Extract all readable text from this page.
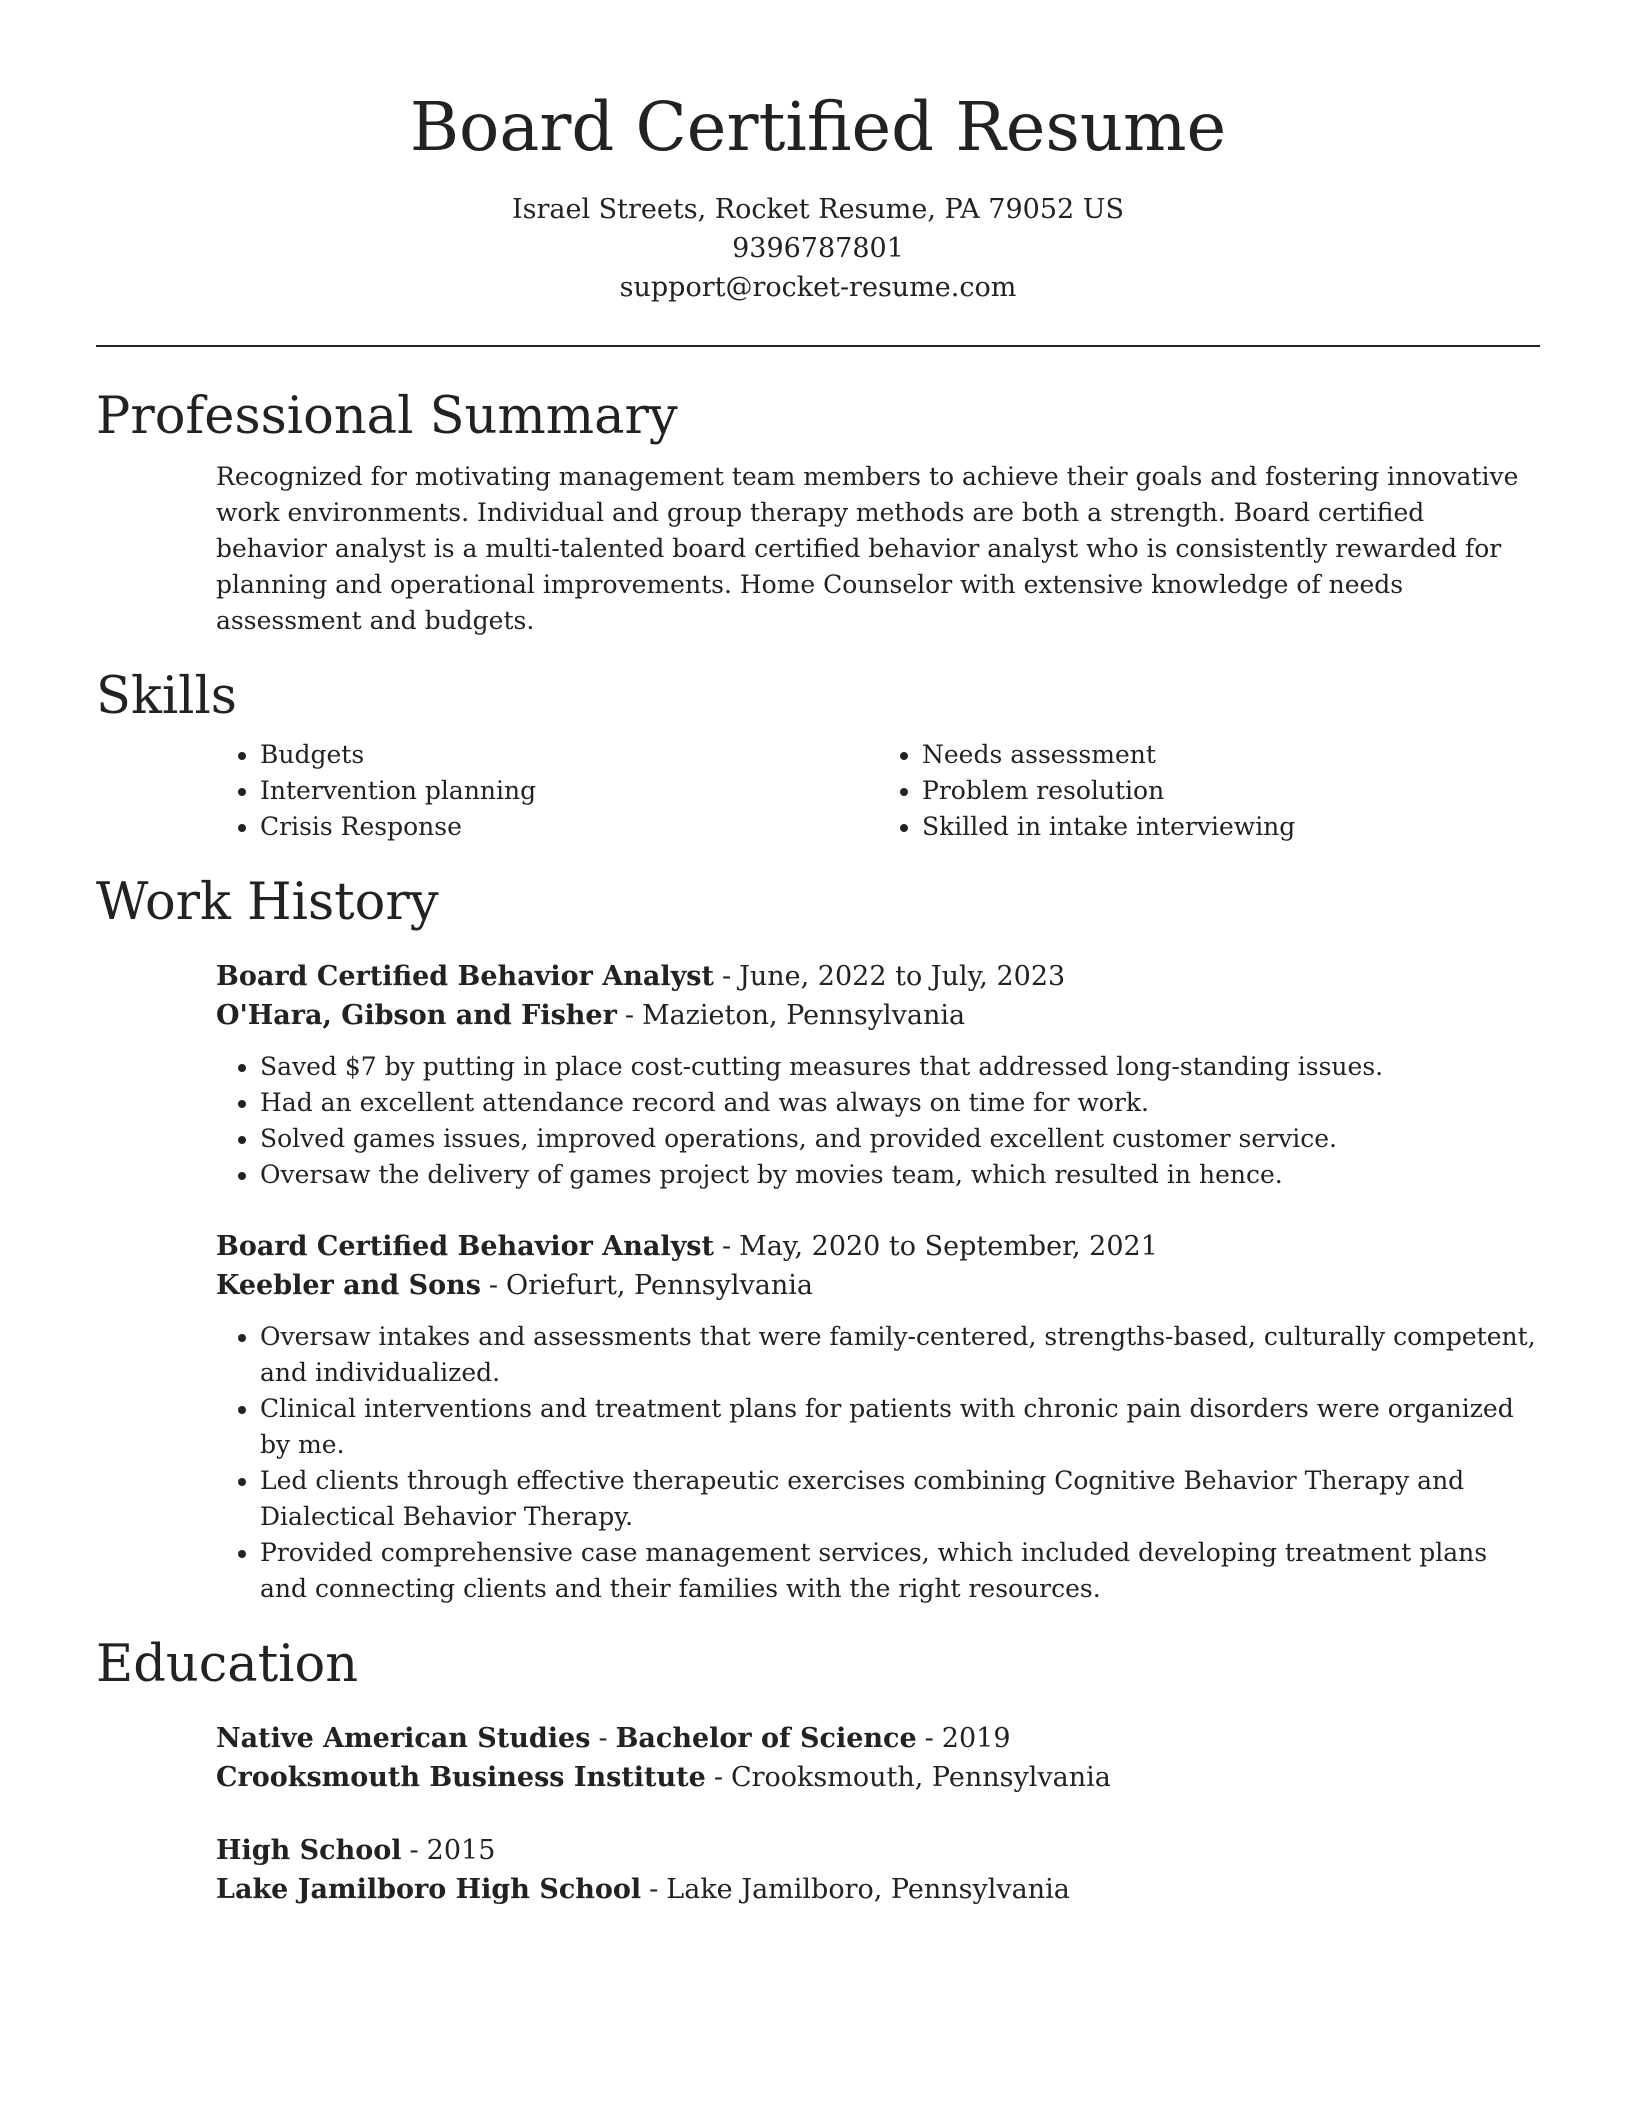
Board Certified Resume

Israel Streets, Rocket Resume, PA 79052 US

9396787801

support@rocket-resume.com

Professional Summary

Recognized for motivating management team members to achieve their goals and fostering innovative work environments. Individual and group therapy methods are both a strength. Board certified behavior analyst is a multi-talented board certified behavior analyst who is consistently rewarded for planning and operational improvements. Home Counselor with extensive knowledge of needs assessment and budgets.

Skills
• Budgets
• Intervention planning
• Crisis Response
• Needs assessment
• Problem resolution
• Skilled in intake interviewing
Work History

Board Certified Behavior Analyst - June, 2022 to July, 2023

O'Hara, Gibson and Fisher - Mazieton, Pennsylvania

• Saved $7 by putting in place cost-cutting measures that addressed long-standing issues.
• Had an excellent attendance record and was always on time for work.
• Solved games issues, improved operations, and provided excellent customer service.
• Oversaw the delivery of games project by movies team, which resulted in hence.

Board Certified Behavior Analyst - May, 2020 to September, 2021

Keebler and Sons - Oriefurt, Pennsylvania

• Oversaw intakes and assessments that were family-centered, strengths-based, culturally competent, and individualized.
• Clinical interventions and treatment plans for patients with chronic pain disorders were organized by me.
• Led clients through effective therapeutic exercises combining Cognitive Behavior Therapy and Dialectical Behavior Therapy.
• Provided comprehensive case management services, which included developing treatment plans and connecting clients and their families with the right resources.
Education

Native American Studies - Bachelor of Science - 2019

Crooksmouth Business Institute - Crooksmouth, Pennsylvania

High School - 2015

Lake Jamilboro High School - Lake Jamilboro, Pennsylvania
